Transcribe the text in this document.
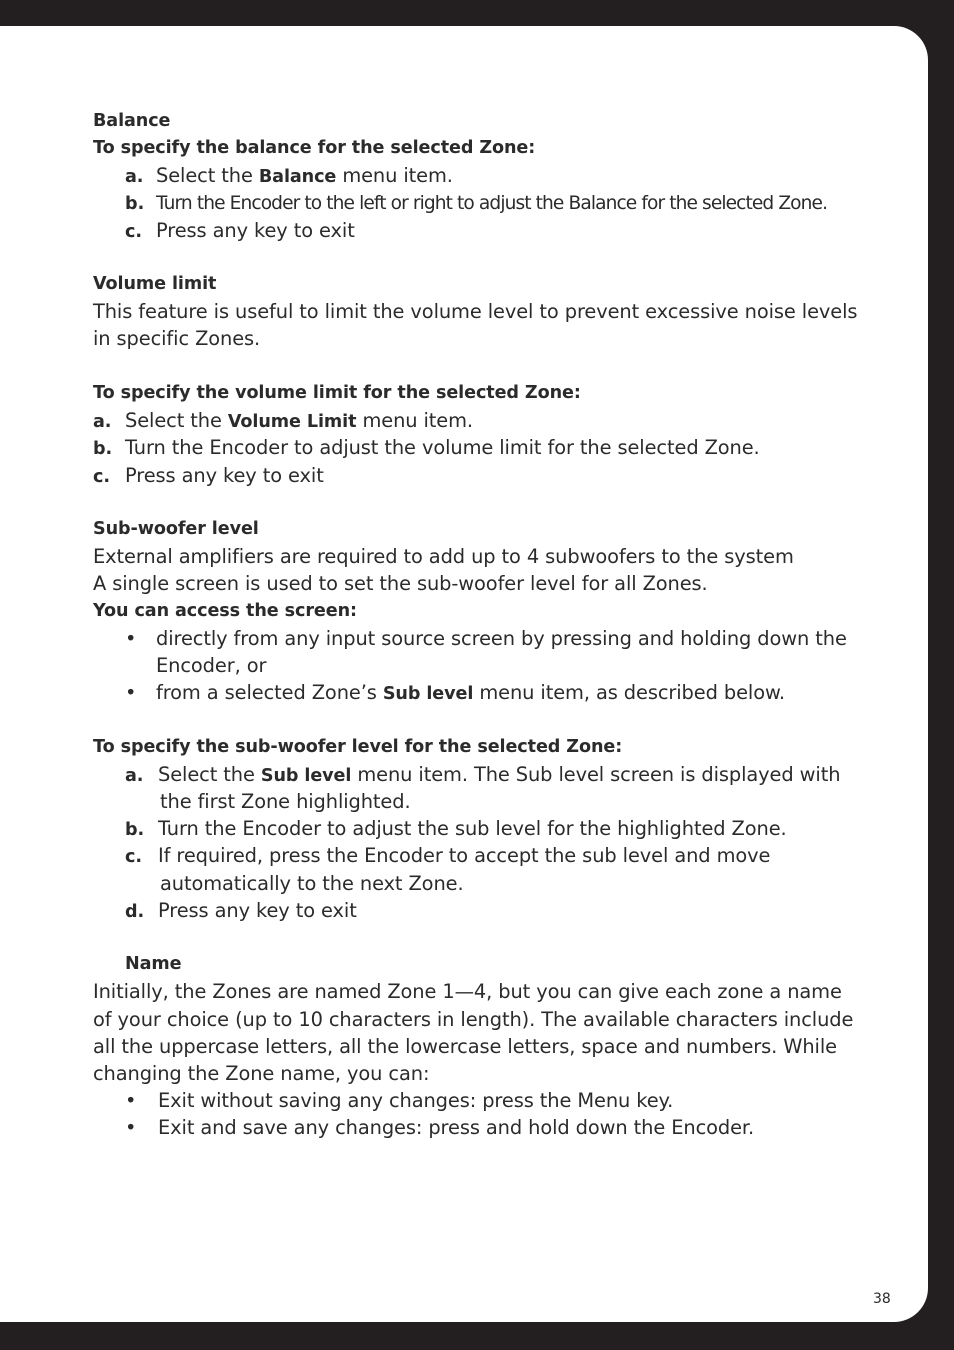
Balance
To specify the balance for the selected Zone:
a. Select the Balance menu item.
b. Turn the Encoder to the left or right to adjust the Balance for the selected Zone.
c. Press any key to exit
Volume limit
This feature is useful to limit the volume level to prevent excessive noise levels
in specific Zones.
To specify the volume limit for the selected Zone:
a. Select the Volume Limit menu item.
b. Turn the Encoder to adjust the volume limit for the selected Zone.
c. Press any key to exit
Sub-woofer level
External amplifiers are required to add up to 4 subwoofers to the system
A single screen is used to set the sub-woofer level for all Zones.
You can access the screen:
• directly from any input source screen by pressing and holding down the
Encoder, or
• from a selected Zone’s Sub level menu item, as described below.
To specify the sub-woofer level for the selected Zone:
a. Select the Sub level menu item. The Sub level screen is displayed with
the first Zone highlighted.
b. Turn the Encoder to adjust the sub level for the highlighted Zone.
c. If required, press the Encoder to accept the sub level and move
automatically to the next Zone.
d. Press any key to exit
Name
Initially, the Zones are named Zone 1—4, but you can give each zone a name
of your choice (up to 10 characters in length). The available characters include
all the uppercase letters, all the lowercase letters, space and numbers. While
changing the Zone name, you can:
• Exit without saving any changes: press the Menu key.
• Exit and save any changes: press and hold down the Encoder.
38
